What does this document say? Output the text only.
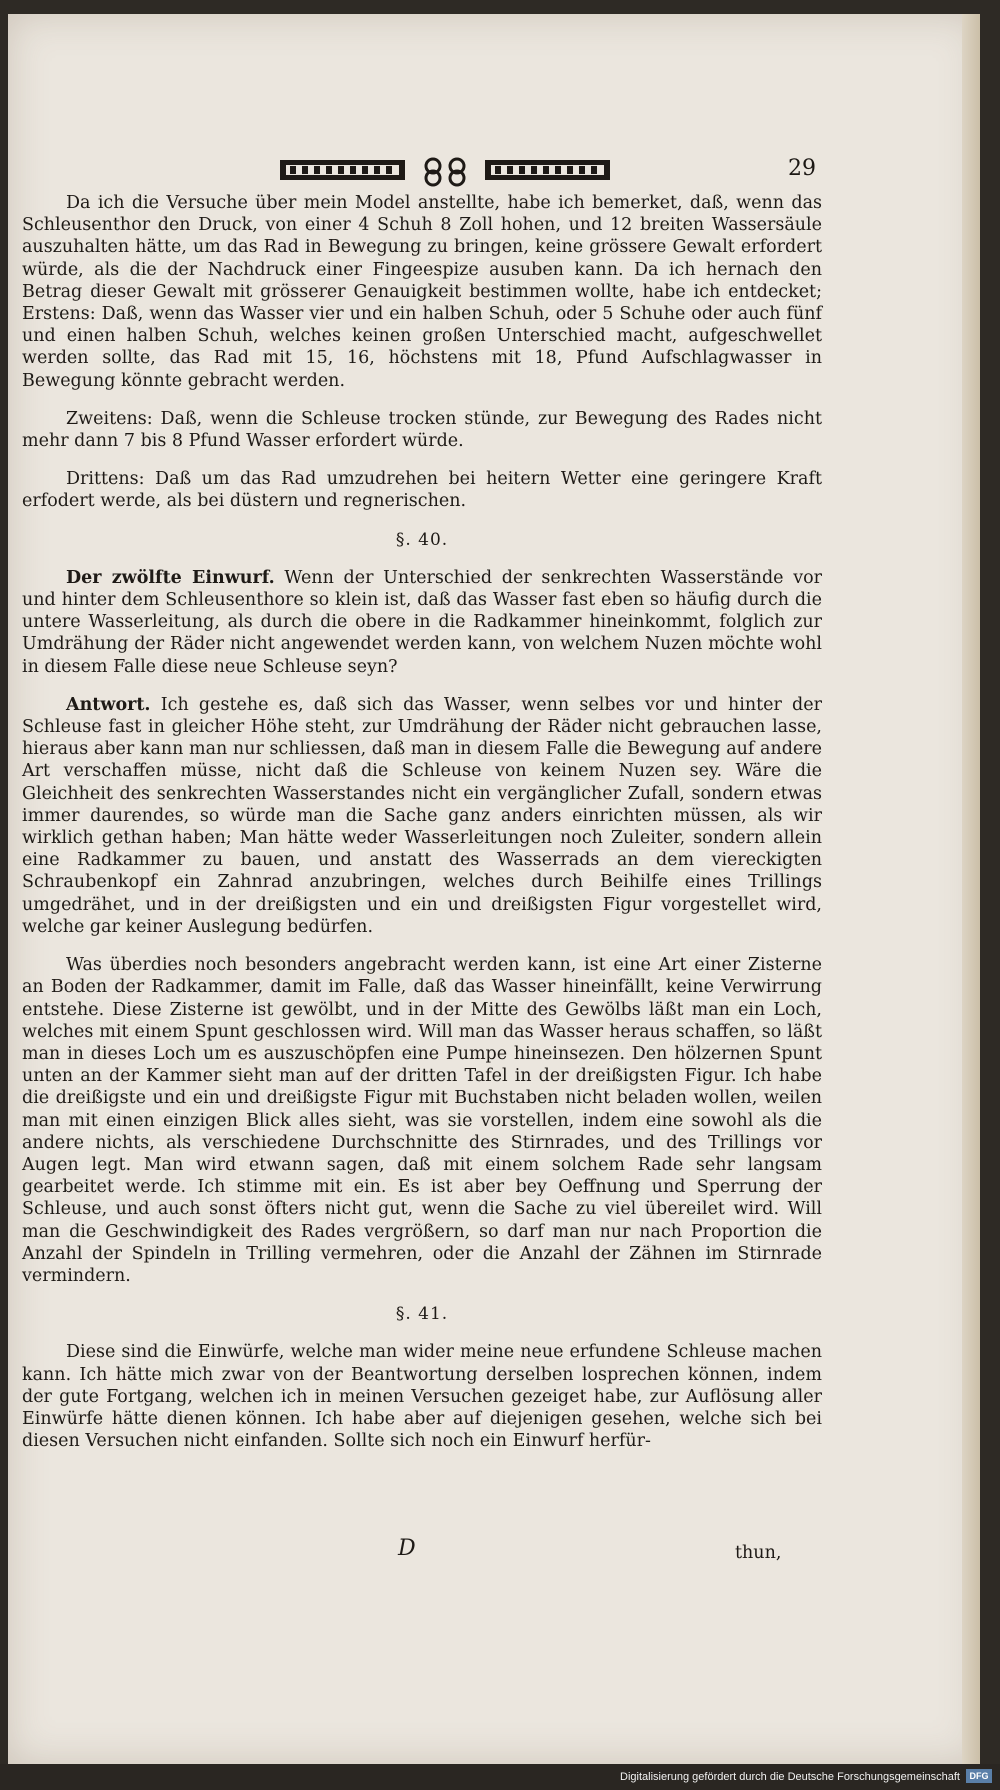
29

Da ich die Versuche über mein Model anstellte, habe ich bemerket, daß, wenn das Schleusenthor den Druck, von einer 4 Schuh 8 Zoll hohen, und 12 breiten Wassersäule auszuhalten hätte, um das Rad in Bewegung zu bringen, keine grössere Gewalt erfordert würde, als die der Nachdruck einer Fingeespize ausuben kann. Da ich hernach den Betrag dieser Gewalt mit grösserer Genauigkeit bestimmen wollte, habe ich entdecket; Erstens: Daß, wenn das Wasser vier und ein halben Schuh, oder 5 Schuhe oder auch fünf und einen halben Schuh, welches keinen großen Unterschied macht, aufgeschwellet werden sollte, das Rad mit 15, 16, höchstens mit 18, Pfund Aufschlagwasser in Bewegung könnte gebracht werden.

Zweitens: Daß, wenn die Schleuse trocken stünde, zur Bewegung des Rades nicht mehr dann 7 bis 8 Pfund Wasser erfordert würde.

Drittens: Daß um das Rad umzudrehen bei heitern Wetter eine geringere Kraft erfodert werde, als bei düstern und regnerischen.

§. 40.

Der zwölfte Einwurf. Wenn der Unterschied der senkrechten Wasserstände vor und hinter dem Schleusenthore so klein ist, daß das Wasser fast eben so häufig durch die untere Wasserleitung, als durch die obere in die Radkammer hineinkommt, folglich zur Umdrähung der Räder nicht angewendet werden kann, von welchem Nuzen möchte wohl in diesem Falle diese neue Schleuse seyn?

Antwort. Ich gestehe es, daß sich das Wasser, wenn selbes vor und hinter der Schleuse fast in gleicher Höhe steht, zur Umdrähung der Räder nicht gebrauchen lasse, hieraus aber kann man nur schliessen, daß man in diesem Falle die Bewegung auf andere Art verschaffen müsse, nicht daß die Schleuse von keinem Nuzen sey. Wäre die Gleichheit des senkrechten Wasserstandes nicht ein vergänglicher Zufall, sondern etwas immer daurendes, so würde man die Sache ganz anders einrichten müssen, als wir wirklich gethan haben; Man hätte weder Wasserleitungen noch Zuleiter, sondern allein eine Radkammer zu bauen, und anstatt des Wasserrads an dem viereckigten Schraubenkopf ein Zahnrad anzubringen, welches durch Beihilfe eines Trillings umgedrähet, und in der dreißigsten und ein und dreißigsten Figur vorgestellet wird, welche gar keiner Auslegung bedürfen.

Was überdies noch besonders angebracht werden kann, ist eine Art einer Zisterne an Boden der Radkammer, damit im Falle, daß das Wasser hineinfällt, keine Verwirrung entstehe. Diese Zisterne ist gewölbt, und in der Mitte des Gewölbs läßt man ein Loch, welches mit einem Spunt geschlossen wird. Will man das Wasser heraus schaffen, so läßt man in dieses Loch um es auszuschöpfen eine Pumpe hineinsezen. Den hölzernen Spunt unten an der Kammer sieht man auf der dritten Tafel in der dreißigsten Figur. Ich habe die dreißigste und ein und dreißigste Figur mit Buchstaben nicht beladen wollen, weilen man mit einen einzigen Blick alles sieht, was sie vorstellen, indem eine sowohl als die andere nichts, als verschiedene Durchschnitte des Stirnrades, und des Trillings vor Augen legt. Man wird etwann sagen, daß mit einem solchem Rade sehr langsam gearbeitet werde. Ich stimme mit ein. Es ist aber bey Oeffnung und Sperrung der Schleuse, und auch sonst öfters nicht gut, wenn die Sache zu viel übereilet wird. Will man die Geschwindigkeit des Rades vergrößern, so darf man nur nach Proportion die Anzahl der Spindeln in Trilling vermehren, oder die Anzahl der Zähnen im Stirnrade vermindern.

§. 41.

Diese sind die Einwürfe, welche man wider meine neue erfundene Schleuse machen kann. Ich hätte mich zwar von der Beantwortung derselben losprechen können, indem der gute Fortgang, welchen ich in meinen Versuchen gezeiget habe, zur Auflösung aller Einwürfe hätte dienen können. Ich habe aber auf diejenigen gesehen, welche sich bei diesen Versuchen nicht einfanden. Sollte sich noch ein Einwurf herfür-

D	thun,
Digitalisierung gefördert durch die Deutsche Forschungsgemeinschaft	DFG
